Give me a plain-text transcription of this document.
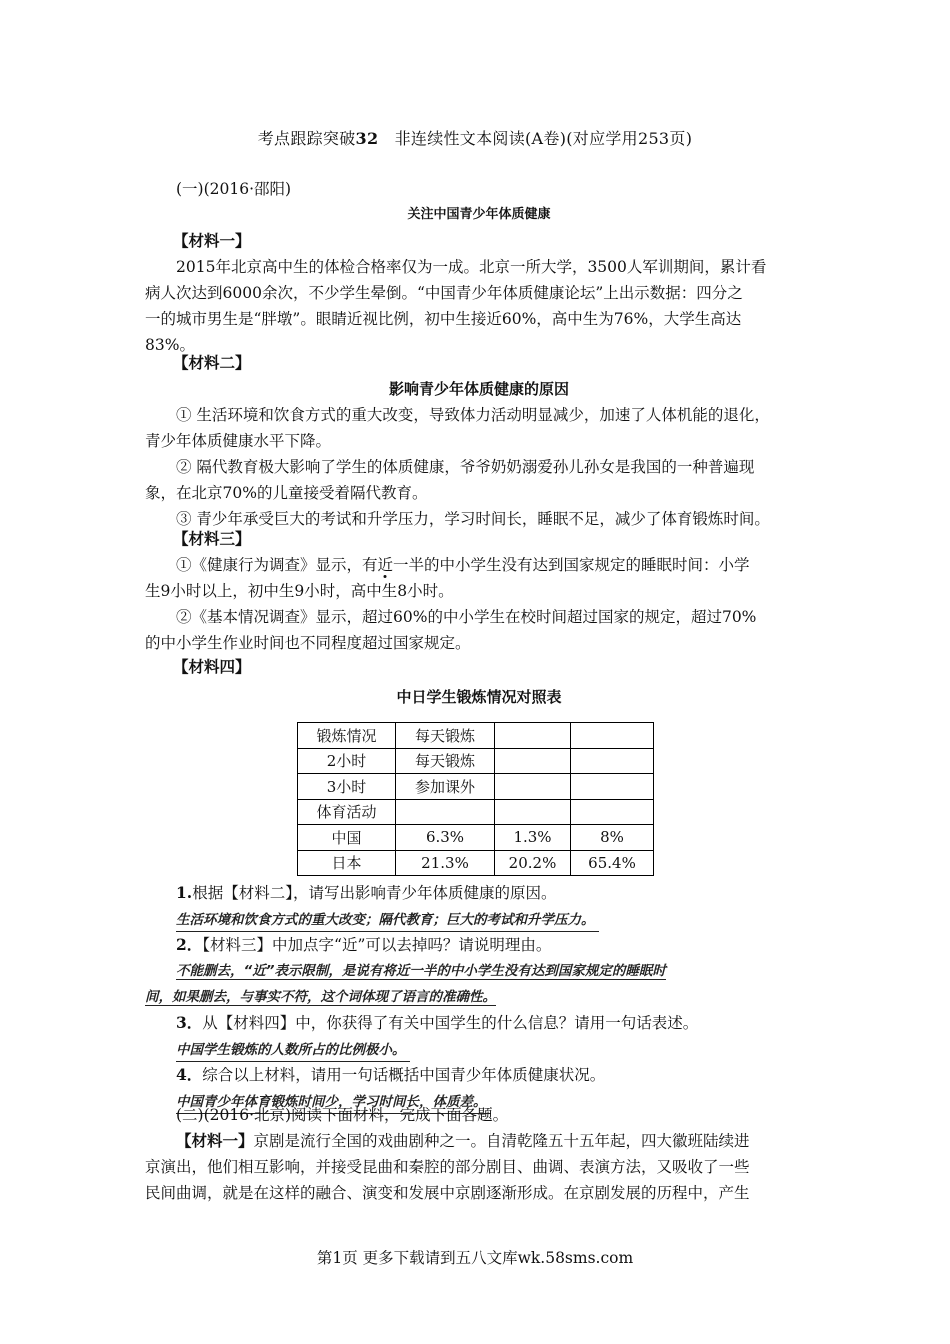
考点跟踪突破32 非连续性文本阅读(A卷)(对应学用253页)
(一)(2016·邵阳)
关注中国青少年体质健康
【材料一】
2015年北京高中生的体检合格率仅为一成。北京一所大学，3500人军训期间，累计看
病人次达到6000余次，不少学生晕倒。“中国青少年体质健康论坛”上出示数据：四分之
一的城市男生是“胖墩”。眼睛近视比例，初中生接近60%，高中生为76%，大学生高达
83%。
【材料二】
影响青少年体质健康的原因
① 生活环境和饮食方式的重大改变，导致体力活动明显减少，加速了人体机能的退化，
青少年体质健康水平下降。
② 隔代教育极大影响了学生的体质健康，爷爷奶奶溺爱孙儿孙女是我国的一种普遍现
象，在北京70%的儿童接受着隔代教育。
③ 青少年承受巨大的考试和升学压力，学习时间长，睡眠不足，减少了体育锻炼时间。
【材料三】
①《健康行为调查》显示，有近一半的中小学生没有达到国家规定的睡眠时间：小学
生9小时以上，初中生9小时，高中生8小时。
②《基本情况调查》显示，超过60%的中小学生在校时间超过国家的规定，超过70%
的中小学生作业时间也不同程度超过国家规定。
【材料四】
中日学生锻炼情况对照表
锻炼情况	每天锻炼		
2小时	每天锻炼		
3小时	参加课外		
体育活动			
中国	6.3%	1.3%	8%
日本	21.3%	20.2%	65.4%
1.根据【材料二】，请写出影响青少年体质健康的原因。
生活环境和饮食方式的重大改变；隔代教育；巨大的考试和升学压力。
2．【材料三】中加点字“近”可以去掉吗？请说明理由。
不能删去，“近”表示限制，是说有将近一半的中小学生没有达到国家规定的睡眠时
间，如果删去，与事实不符，这个词体现了语言的准确性。
3．从【材料四】中，你获得了有关中国学生的什么信息？请用一句话表述。
中国学生锻炼的人数所占的比例极小。
4．综合以上材料，请用一句话概括中国青少年体质健康状况。
中国青少年体育锻炼时间少，学习时间长，体质差。
(二)(2016·北京)阅读下面材料，完成下面各题。
【材料一】京剧是流行全国的戏曲剧种之一。自清乾隆五十五年起，四大徽班陆续进
京演出，他们相互影响，并接受昆曲和秦腔的部分剧目、曲调、表演方法，又吸收了一些
民间曲调，就是在这样的融合、演变和发展中京剧逐渐形成。在京剧发展的历程中，产生
第1页 更多下载请到五八文库wk.58sms.com
